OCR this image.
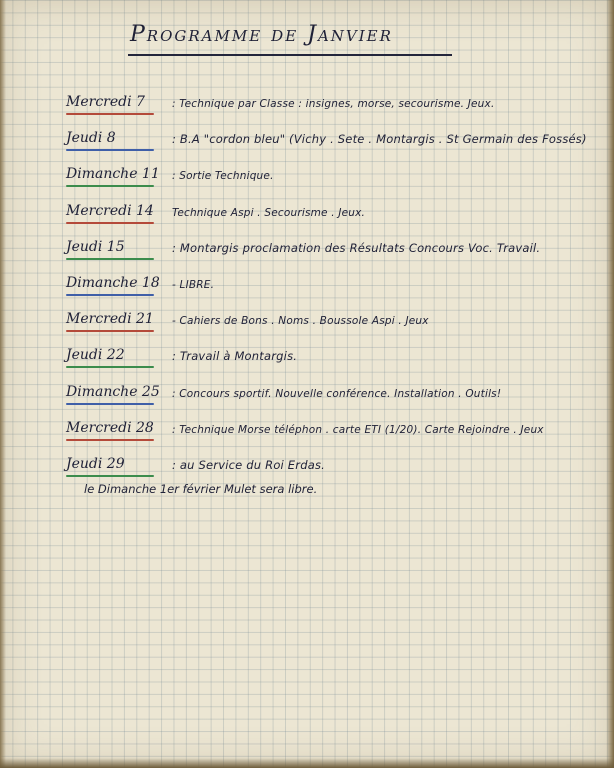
Programme de Janvier
Mercredi 7	: Technique par Classe : insignes, morse, secourisme. Jeux.
Jeudi 8	: B.A "cordon bleu" (Vichy . Sete . Montargis . St Germain des Fossés)
Dimanche 11	: Sortie Technique.
Mercredi 14	Technique Aspi . Secourisme . Jeux.
Jeudi 15	: Montargis proclamation des Résultats Concours Voc. Travail.
Dimanche 18	- LIBRE.
Mercredi 21	- Cahiers de Bons . Noms . Boussole Aspi . Jeux
Jeudi 22	: Travail à Montargis.
Dimanche 25	: Concours sportif. Nouvelle conférence. Installation . Outils!
Mercredi 28	: Technique Morse téléphon . carte ETI (1/20). Carte Rejoindre . Jeux
Jeudi 29	: au Service du Roi Erdas.
le Dimanche 1er février Mulet sera libre.
